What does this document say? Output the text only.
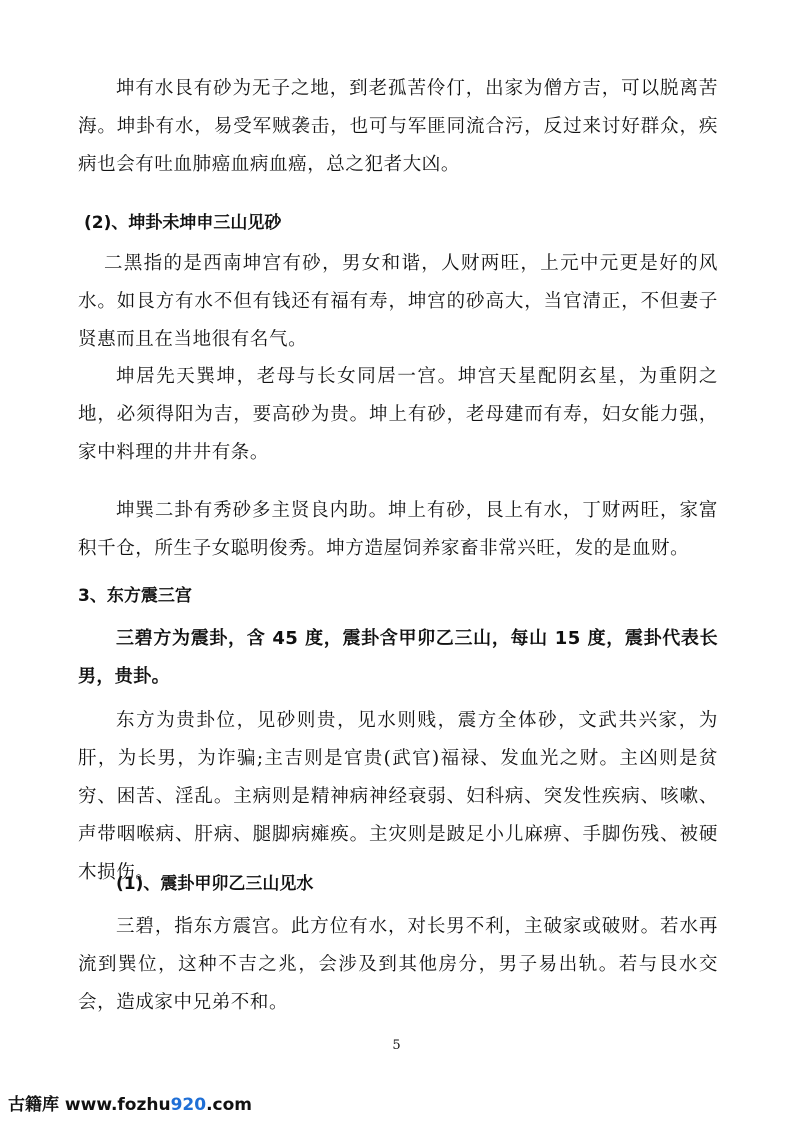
坤有水艮有砂为无子之地，到老孤苦伶仃，出家为僧方吉，可以脱离苦海。坤卦有水，易受军贼袭击，也可与军匪同流合污，反过来讨好群众，疾病也会有吐血肺癌血病血癌，总之犯者大凶。

(2)、坤卦未坤申三山见砂

二黑指的是西南坤宫有砂，男女和谐，人财两旺，上元中元更是好的风水。如艮方有水不但有钱还有福有寿，坤宫的砂高大，当官清正，不但妻子贤惠而且在当地很有名气。

坤居先天巽坤，老母与长女同居一宫。坤宫天星配阴玄星，为重阴之地，必须得阳为吉，要高砂为贵。坤上有砂，老母建而有寿，妇女能力强，家中料理的井井有条。

坤巽二卦有秀砂多主贤良内助。坤上有砂，艮上有水，丁财两旺，家富积千仓，所生子女聪明俊秀。坤方造屋饲养家畜非常兴旺，发的是血财。

3、东方震三宫

三碧方为震卦，含 45 度，震卦含甲卯乙三山，每山 15 度，震卦代表长男，贵卦。

东方为贵卦位，见砂则贵，见水则贱，震方全体砂，文武共兴家，为肝，为长男，为诈骗;主吉则是官贵(武官)福禄、发血光之财。主凶则是贫穷、困苦、淫乱。主病则是精神病神经衰弱、妇科病、突发性疾病、咳嗽、声带咽喉病、肝病、腿脚病瘫痪。主灾则是跛足小儿麻痹、手脚伤残、被硬木损伤。

(1)、震卦甲卯乙三山见水

三碧，指东方震宫。此方位有水，对长男不利，主破家或破财。若水再流到巽位，这种不吉之兆，会涉及到其他房分，男子易出轨。若与艮水交会，造成家中兄弟不和。

5

古籍库 www.fozhu920.com
